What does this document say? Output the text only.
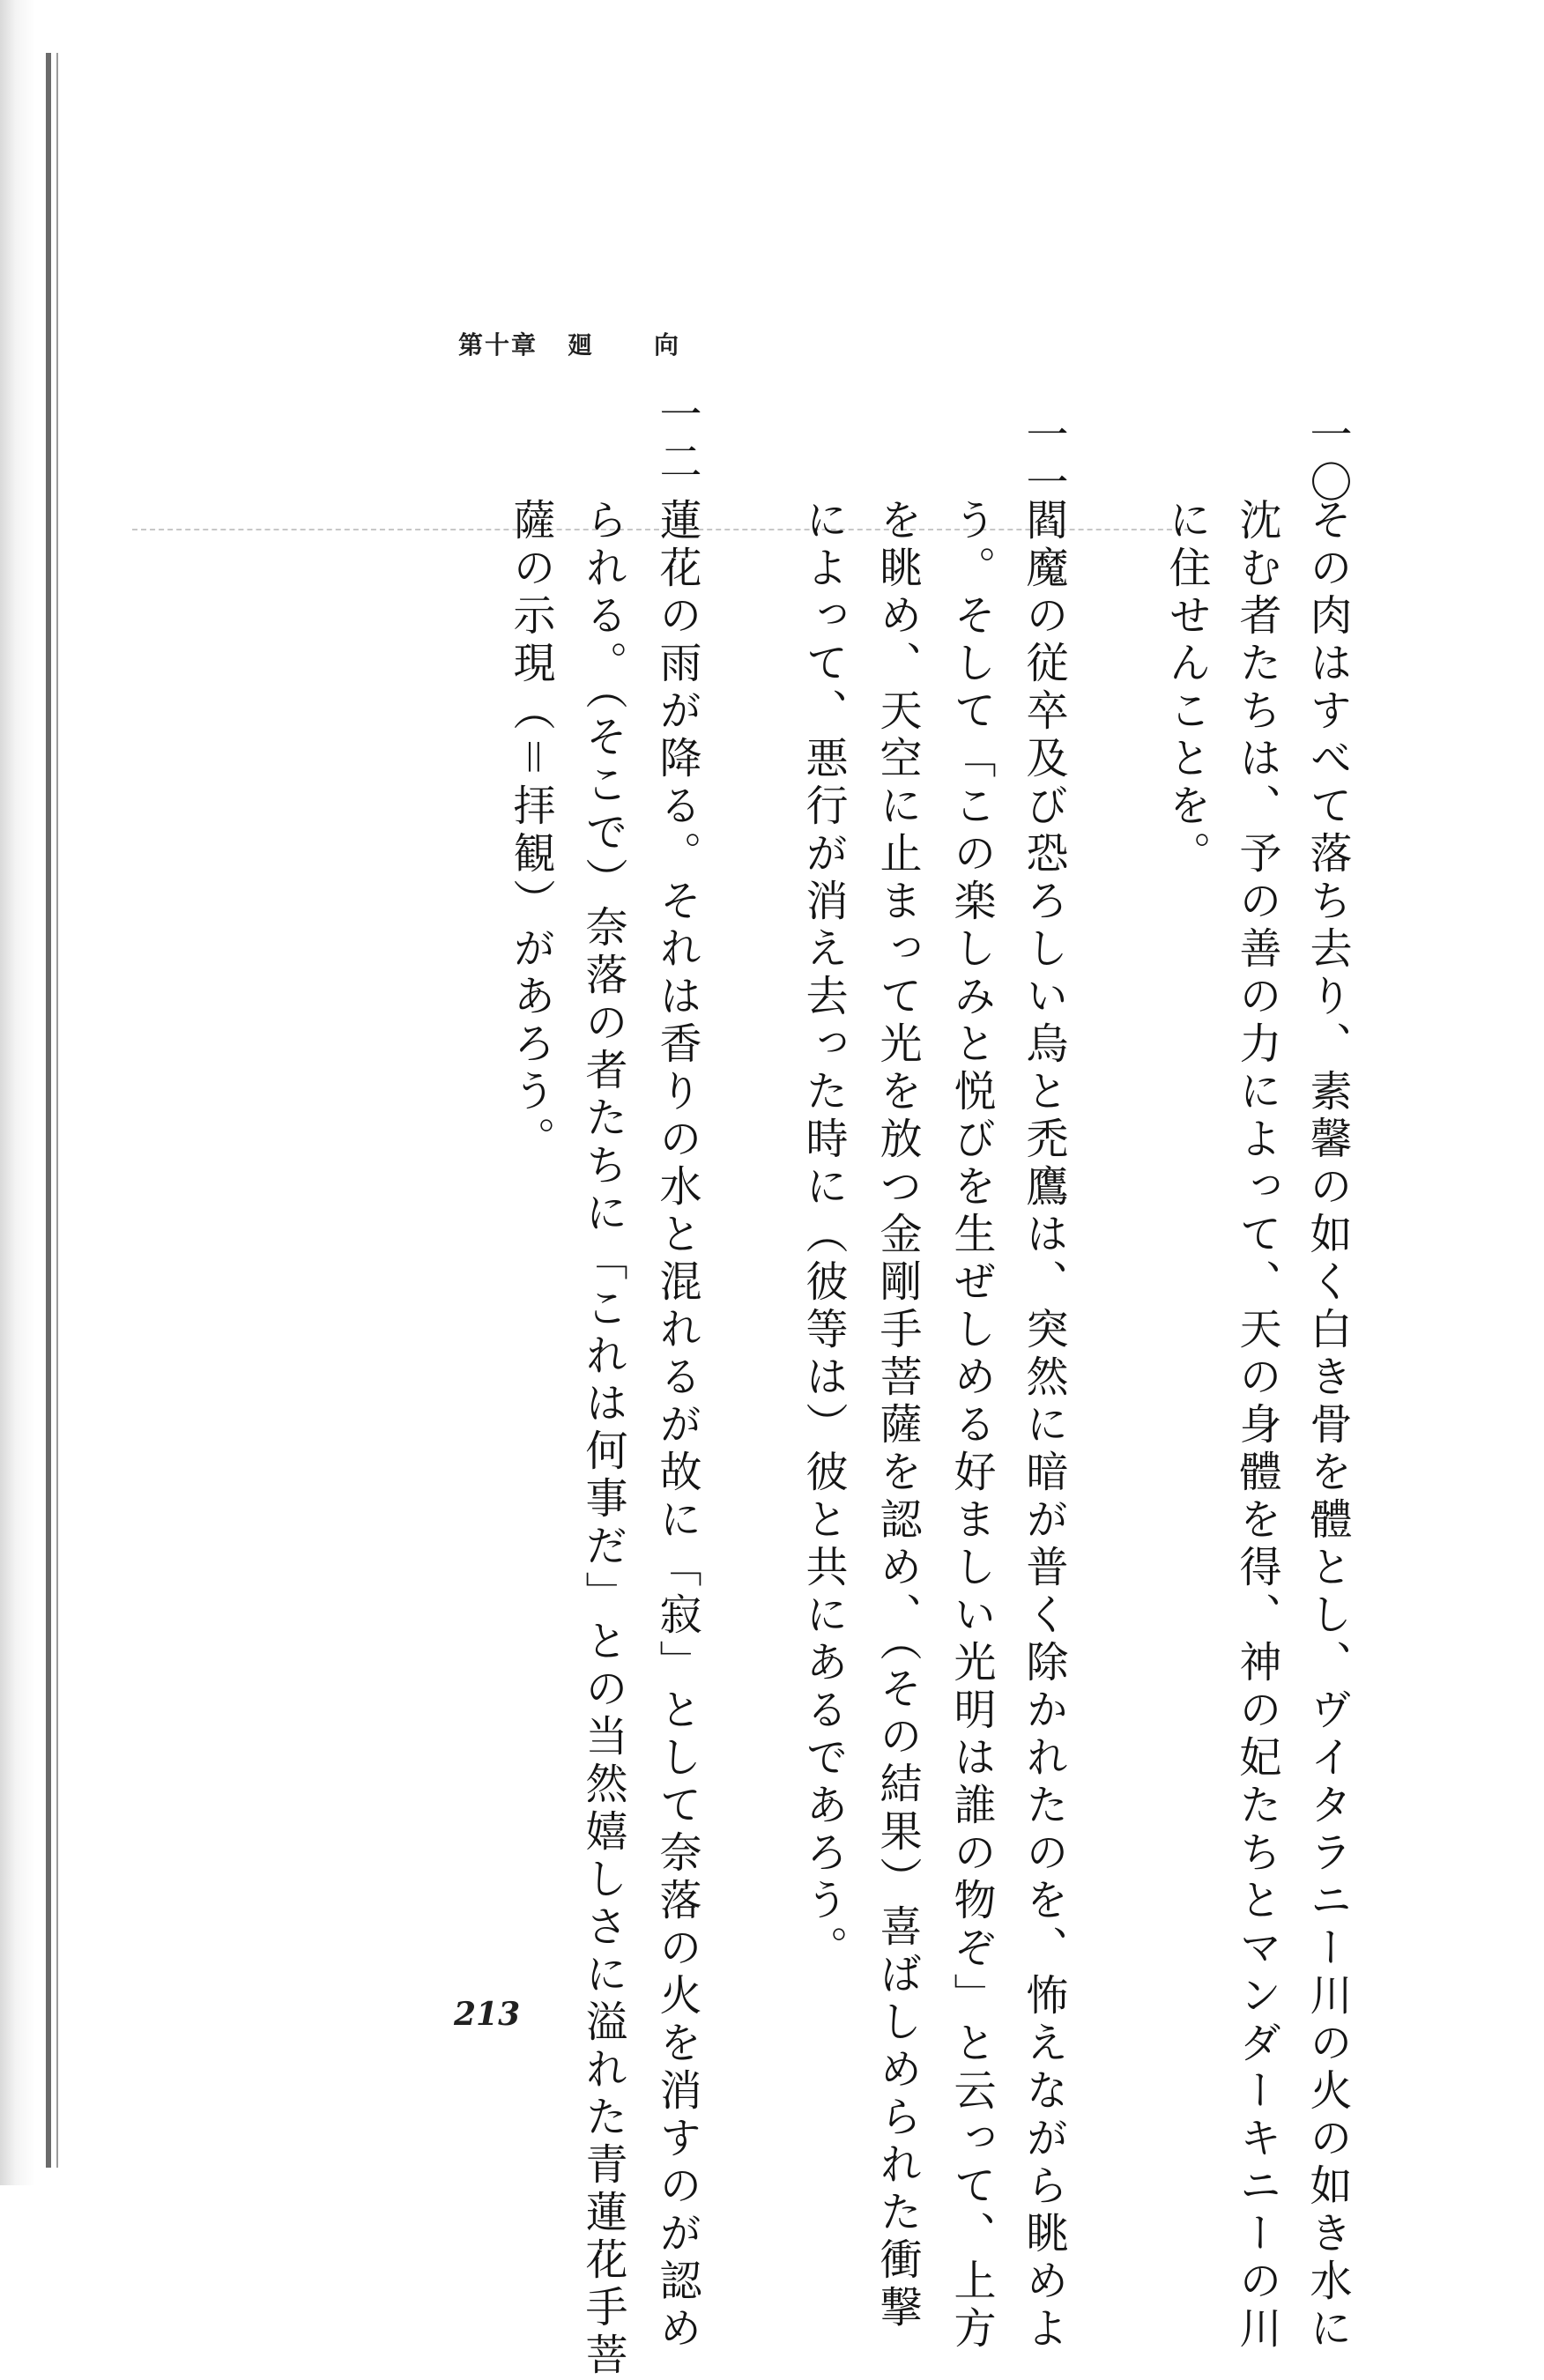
第十章 廻	向
一〇
その肉はすべて落ち去り、素馨の如く白き骨を體とし、ヴイタラニー川の火の如き水に
沈む者たちは、予の善の力によって、天の身體を得、神の妃たちとマンダーキニーの川
に住せんことを。
一一
閻魔の従卒及び恐ろしい烏と禿鷹は、突然に暗が普く除かれたのを、怖えながら眺めよ
う。そして「この楽しみと悦びを生ぜしめる好ましい光明は誰の物ぞ」と云って、上方
を眺め、天空に止まって光を放つ金剛手菩薩を認め、（その結果）喜ばしめられた衝撃
によって、悪行が消え去った時に（彼等は）彼と共にあるであろう。
一二
蓮花の雨が降る。それは香りの水と混れるが故に「寂」として奈落の火を消すのが認め
られる。（そこで）奈落の者たちに「これは何事だ」との当然嬉しさに溢れた青蓮花手菩
薩の示現（＝拝観）があろう。
213
